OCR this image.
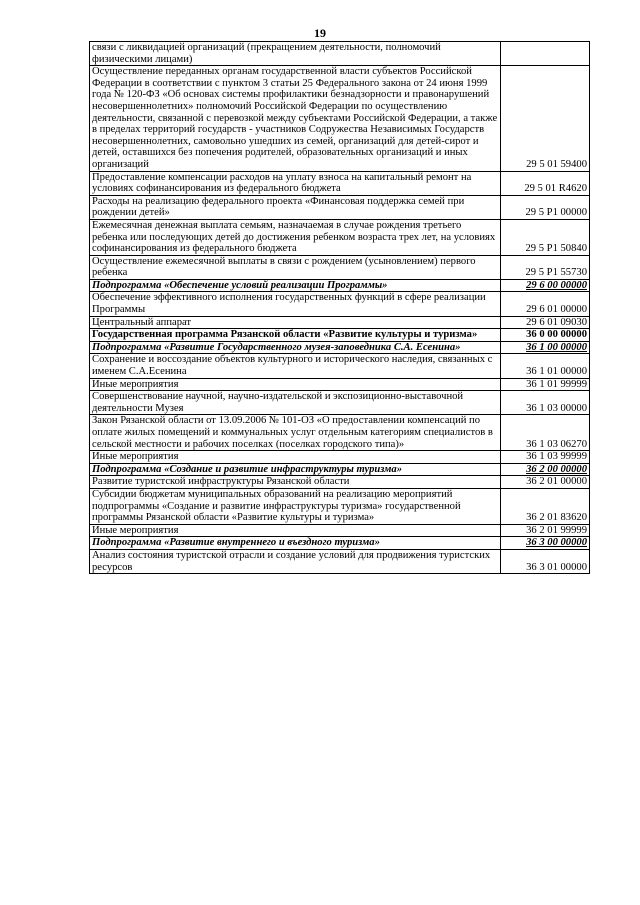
19
связи с ликвидацией организаций (прекращением деятельности, полномочий физическими лицами)	
Осуществление переданных органам государственной власти субъектов Российской Федерации в соответствии с пунктом 3 статьи 25 Федерального закона от 24 июня 1999 года № 120-ФЗ «Об основах системы профилактики безнадзорности и правонарушений несовершеннолетних» полномочий Российской Федерации по осуществлению деятельности, связанной с перевозкой между субъектами Российской Федерации, а также в пределах территорий государств - участников Содружества Независимых Государств несовершеннолетних, самовольно ушедших из семей, организаций для детей-сирот и детей, оставшихся без попечения родителей, образовательных организаций и иных организаций	29 5 01 59400
Предоставление компенсации расходов на уплату взноса на капитальный ремонт на условиях софинансирования из федерального бюджета	29 5 01 R4620
Расходы на реализацию федерального проекта «Финансовая поддержка семей при рождении детей»	29 5 P1 00000
Ежемесячная денежная выплата семьям, назначаемая в случае рождения третьего ребенка или последующих детей до достижения ребенком возраста трех лет, на условиях софинансирования из федерального бюджета	29 5 P1 50840
Осуществление ежемесячной выплаты в связи с рождением (усыновлением) первого ребенка	29 5 P1 55730
Подпрограмма «Обеспечение условий реализации Программы»	29 6 00 00000
Обеспечение эффективного исполнения государственных функций в сфере реализации Программы	29 6 01 00000
Центральный аппарат	29 6 01 09030
Государственная программа Рязанской области «Развитие культуры и туризма»	36 0 00 00000
Подпрограмма «Развитие Государственного музея-заповедника С.А. Есенина»	36 1 00 00000
Сохранение и воссоздание объектов культурного и исторического наследия, связанных с именем С.А.Есенина	36 1 01 00000
Иные мероприятия	36 1 01 99999
Совершенствование научной, научно-издательской и экспозиционно-выставочной деятельности Музея	36 1 03 00000
Закон Рязанской области от 13.09.2006 № 101-ОЗ «О предоставлении компенсаций по оплате жилых помещений и коммунальных услуг отдельным категориям специалистов в сельской местности и рабочих поселках (поселках городского типа)»	36 1 03 06270
Иные мероприятия	36 1 03 99999
Подпрограмма «Создание и развитие инфраструктуры туризма»	36 2 00 00000
Развитие туристской инфраструктуры Рязанской области	36 2 01 00000
Субсидии бюджетам муниципальных образований на реализацию мероприятий подпрограммы «Создание и развитие инфраструктуры туризма» государственной программы Рязанской области «Развитие культуры и туризма»	36 2 01 83620
Иные мероприятия	36 2 01 99999
Подпрограмма «Развитие внутреннего и въездного туризма»	36 3 00 00000
Анализ состояния туристской отрасли и создание условий для продвижения туристских ресурсов	36 3 01 00000
